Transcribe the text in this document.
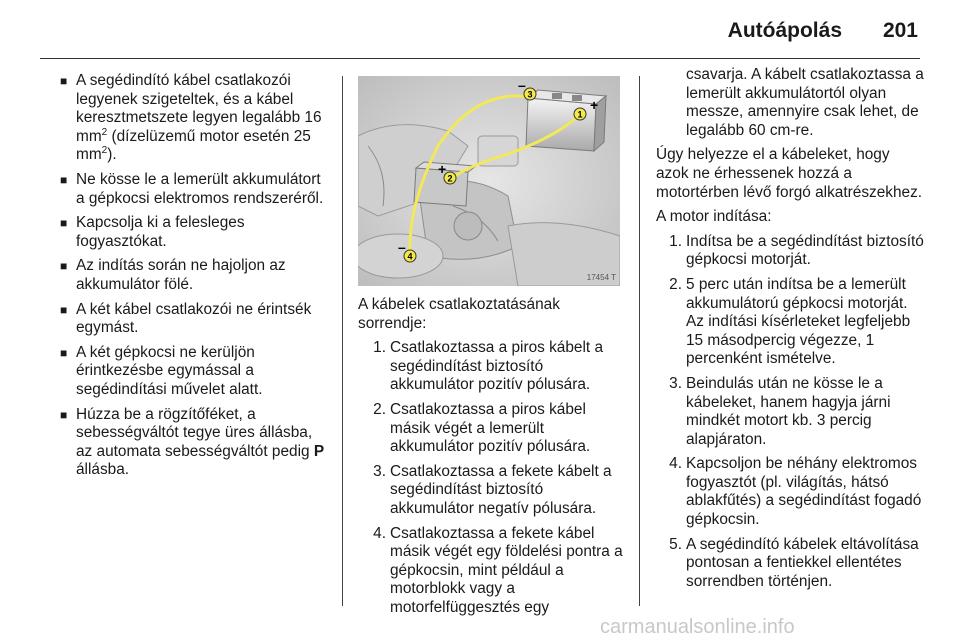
Autóápolás 201
■ A segédindító kábel csatlakozói legyenek szigeteltek, és a kábel keresztmetszete legyen legalább 16 $mm^2$ (dízelüzemű motor esetén 25 $mm^2$).
■ Ne kösse le a lemerült akkumulátort a gépkocsi elektromos rendszeréről.
■ Kapcsolja ki a felesleges fogyasztókat.
■ Az indítás során ne hajoljon az akkumulátor fölé.
■ A két kábel csatlakozói ne érintsék egymást.
■ A két gépkocsi ne kerüljön érintkezésbe egymással a segédindítási művelet alatt.
■ Húzza be a rögzítőféket, a sebességváltót tegye üres állásba, az automata sebességváltót pedig P állásba.
1
2
3
4
+
+
–
–
17454 T
A kábelek csatlakoztatásának sorrendje:
1. Csatlakoztassa a piros kábelt a segédindítást biztosító akkumulátor pozitív pólusára.
2. Csatlakoztassa a piros kábel másik végét a lemerült akkumulátor pozitív pólusára.
3. Csatlakoztassa a fekete kábelt a segédindítást biztosító akkumulátor negatív pólusára.
4. Csatlakoztassa a fekete kábel másik végét egy földelési pontra a gépkocsin, mint például a motorblokk vagy a motorfelfüggesztés egy
csavarja. A kábelt csatlakoztassa a lemerült akkumulátortól olyan messze, amennyire csak lehet, de legalább 60 cm-re.
Úgy helyezze el a kábeleket, hogy azok ne érhessenek hozzá a motortérben lévő forgó alkatrészekhez.
A motor indítása:
1. Indítsa be a segédindítást biztosító gépkocsi motorját.
2. 5 perc után indítsa be a lemerült akkumulátorú gépkocsi motorját. Az indítási kísérleteket legfeljebb 15 másodpercig végezze, 1 percenként ismételve.
3. Beindulás után ne kösse le a kábeleket, hanem hagyja járni mindkét motort kb. 3 percig alapjáraton.
4. Kapcsoljon be néhány elektromos fogyasztót (pl. világítás, hátsó ablakfűtés) a segédindítást fogadó gépkocsin.
5. A segédindító kábelek eltávolítása pontosan a fentiekkel ellentétes sorrendben történjen.
carmanualsonline.info
